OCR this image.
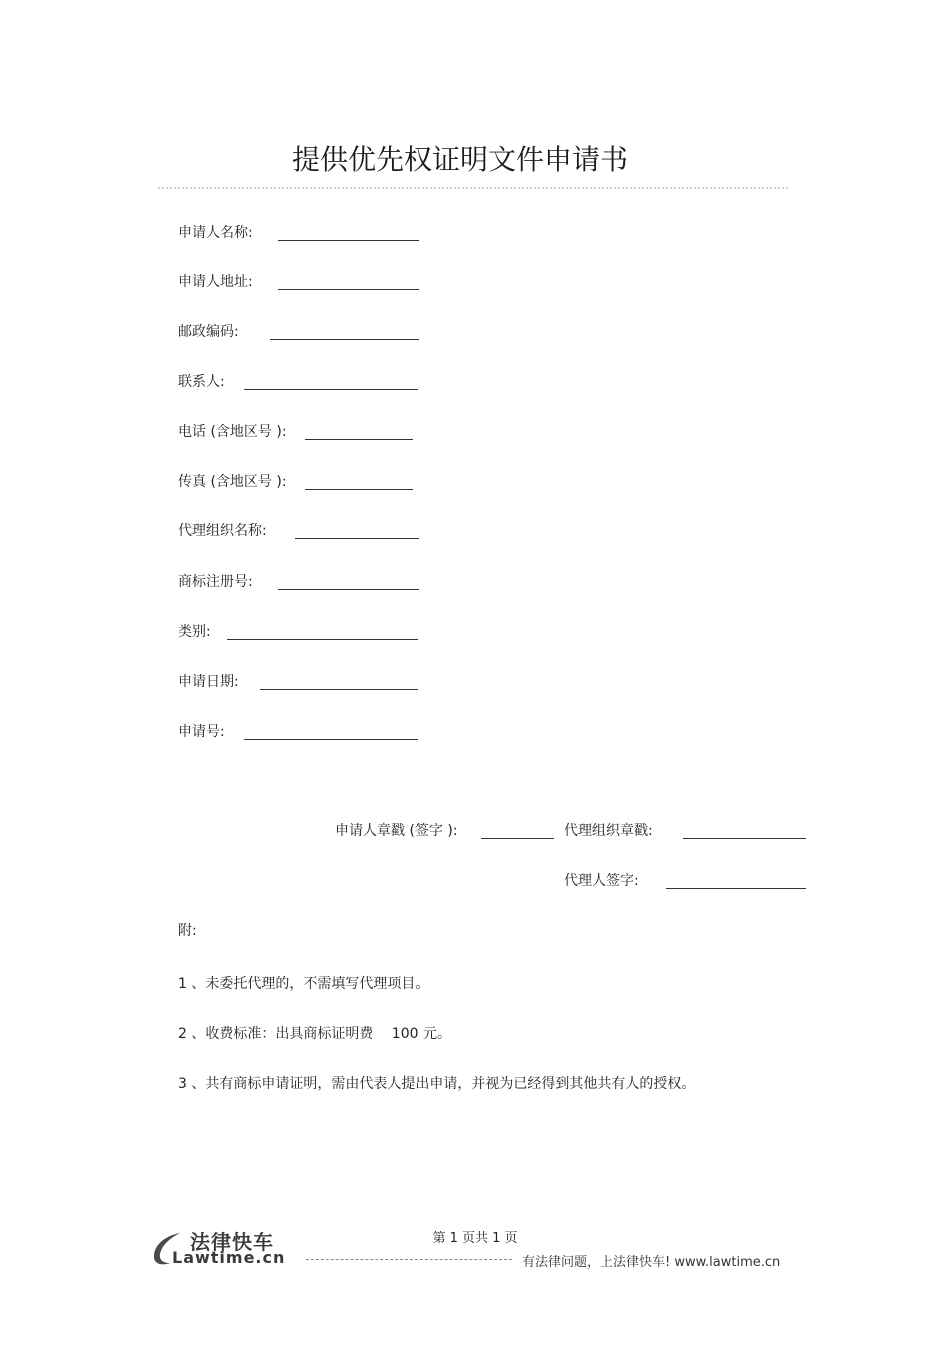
提供优先权证明文件申请书
申请人名称:
申请人地址:
邮政编码:
联系人:
电话 (含地区号 ):
传真 (含地区号 ):
代理组织名称:
商标注册号:
类别:
申请日期:
申请号:
申请人章戳 (签字 ):	代理组织章戳:
代理人签字:
附:
1 、未委托代理的，不需填写代理项目。
2 、收费标准：出具商标证明费 　100 元。
3 、共有商标申请证明，需由代表人提出申请，并视为已经得到其他共有人的授权。
第 1 页共 1 页
法律快车
Lawtime.cn	有法律问题，上法律快车! www.lawtime.cn
